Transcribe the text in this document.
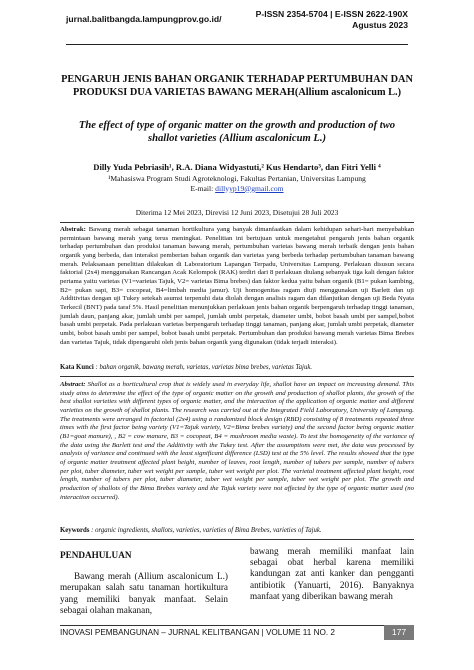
jurnal.balitbangda.lampungprov.go.id/	P-ISSN 2354-5704 | E-ISSN 2622-190X
Agustus 2023
PENGARUH JENIS BAHAN ORGANIK TERHADAP PERTUMBUHAN DAN PRODUKSI DUA VARIETAS BAWANG MERAH(Allium ascalonicum L.)
The effect of type of organic matter on the growth and production of two shallot varieties (Allium ascalonicum L.)
Dilly Yuda Pebriasih¹, R.A. Diana Widyastuti,² Kus Hendarto³, dan Fitri Yelli ⁴
¹Mahasiswa Program Studi Agroteknologi, Fakultas Pertanian, Universitas Lampung
E-mail: dillyyp19@gmail.com
Diterima 12 Mei 2023, Direvisi 12 Juni 2023, Disetujui 28 Juli 2023
Abstrak: Bawang merah sebagai tanaman hortikultura yang banyak dimanfaatkan dalam kehidupan sehari-hari menyebabkan permintaan bawang merah yang terus meningkat. Penelitian ini bertujuan untuk mengetahui pengaruh jenis bahan organik terhadap pertumbuhan dan produksi tanaman bawang merah, pertumbuhan varietas bawang merah terbaik dengan jenis bahan organik yang berbeda, dan interaksi pemberian bahan organik dan varietas yang berbeda terhadap pertumbuhan tanaman bawang merah. Pelaksanaan penelitian dilakukan di Laboratorium Lapangan Terpadu, Universitas Lampung. Perlakuan disusun secara faktorial (2x4) menggunakan Rancangan Acak Kelompok (RAK) terdiri dari 8 perlakuan diulang sebanyak tiga kali dengan faktor pertama yaitu varietas (V1=varietas Tajuk, V2= varietas Bima brebes) dan faktor kedua yaitu bahan organik (B1= pukan kambing, B2= pukan sapi, B3= cocopeat, B4=limbah media jamur). Uji homogenitas ragam diuji menggunakan uji Barlett dan uji Additivitas dengan uji Tukey setekah asumsi terpenuhi data diolah dengan analisis ragam dan dilanjutkan dengan uji Beda Nyata Terkecil (BNT) pada taraf 5%. Hasil penelitian menunjukkan perlakuan jenis bahan organik berpengaruh terhadap tinggi tanaman, jumlah daun, panjang akar, jumlah umbi per sampel, jumlah umbi perpetak, diameter umbi, bobot basah umbi per sampel,bobot basah umbi perpetak. Pada perlakuan varietas berpengaruh terhadap tinggi tanaman, panjang akar, jumlah umbi perpetak, diameter umbi, bobot basah umbi per sampel, bobot basah umbi perpetak. Pertumbuhan dan produksi bawang merah varietas Bima Brebes dan varietas Tajuk, tidak dipengaruhi oleh jenis bahan organik yang digunakan (tidak terjadi interaksi).
Kata Kunci : bahan organik, bawang merah, varietas, varietas bima brebes, varietas Tajuk.
Abstract: Shallot as a horticultural crop that is widely used in everyday life, shallot have an impact on increasing demand. This study aims to determine the effect of the type of organic matter on the growth and production of shallot plants, the growth of the best shallot varieties with different types of organic matter, and the interaction of the application of organic matter and different varieties on the growth of shallot plants. The research was carried out at the Integrated Field Laboratory, University of Lampung. The treatments were arranged in factorial (2x4) using a randomized block design (RBD) consisting of 8 treatments repeated three times with the first factor being variety (V1=Tajuk variety, V2=Bima brebes variety) and the second factor being organic matter (B1=goat manure), , B2 = cow manure, B3 = cocopeat, B4 = mushroom media waste). To test the homogeneity of the variance of the data using the Barlett test and the Additivity with the Tukey test. After the assumptions were met, the data was processed by analysis of variance and continued with the least significant difference (LSD) test at the 5% level. The results showed that the type of organic matter treatment affected plant height, number of leaves, root length, number of tubers per sample, number of tubers per plot, tuber diameter, tuber wet weight per sample, tuber wet weight per plot. The varietal treatment affected plant height, root length, number of tubers per plot, tuber diameter, tuber wet weight per sample, tuber wet weight per plot. The growth and production of shallots of the Bima Brebes variety and the Tajuk variety were not affected by the type of organic matter used (no interaction occurred).
Keywords : organic ingredients, shallots, varieties, varieties of Bima Brebes, varieties of Tajuk.
PENDAHULUAN

Bawang merah (Allium ascalonicum L.) merupakan salah satu tanaman hortikultura yang memiliki banyak manfaat. Selain sebagai olahan makanan,

bawang merah memiliki manfaat lain sebagai obat herbal karena memiliki kandungan zat anti kanker dan pengganti antibiotik (Yanuarti, 2016). Banyaknya manfaat yang diberikan bawang merah

INOVASI PEMBANGUNAN – JURNAL KELITBANGAN | VOLUME 11 NO. 2	177
